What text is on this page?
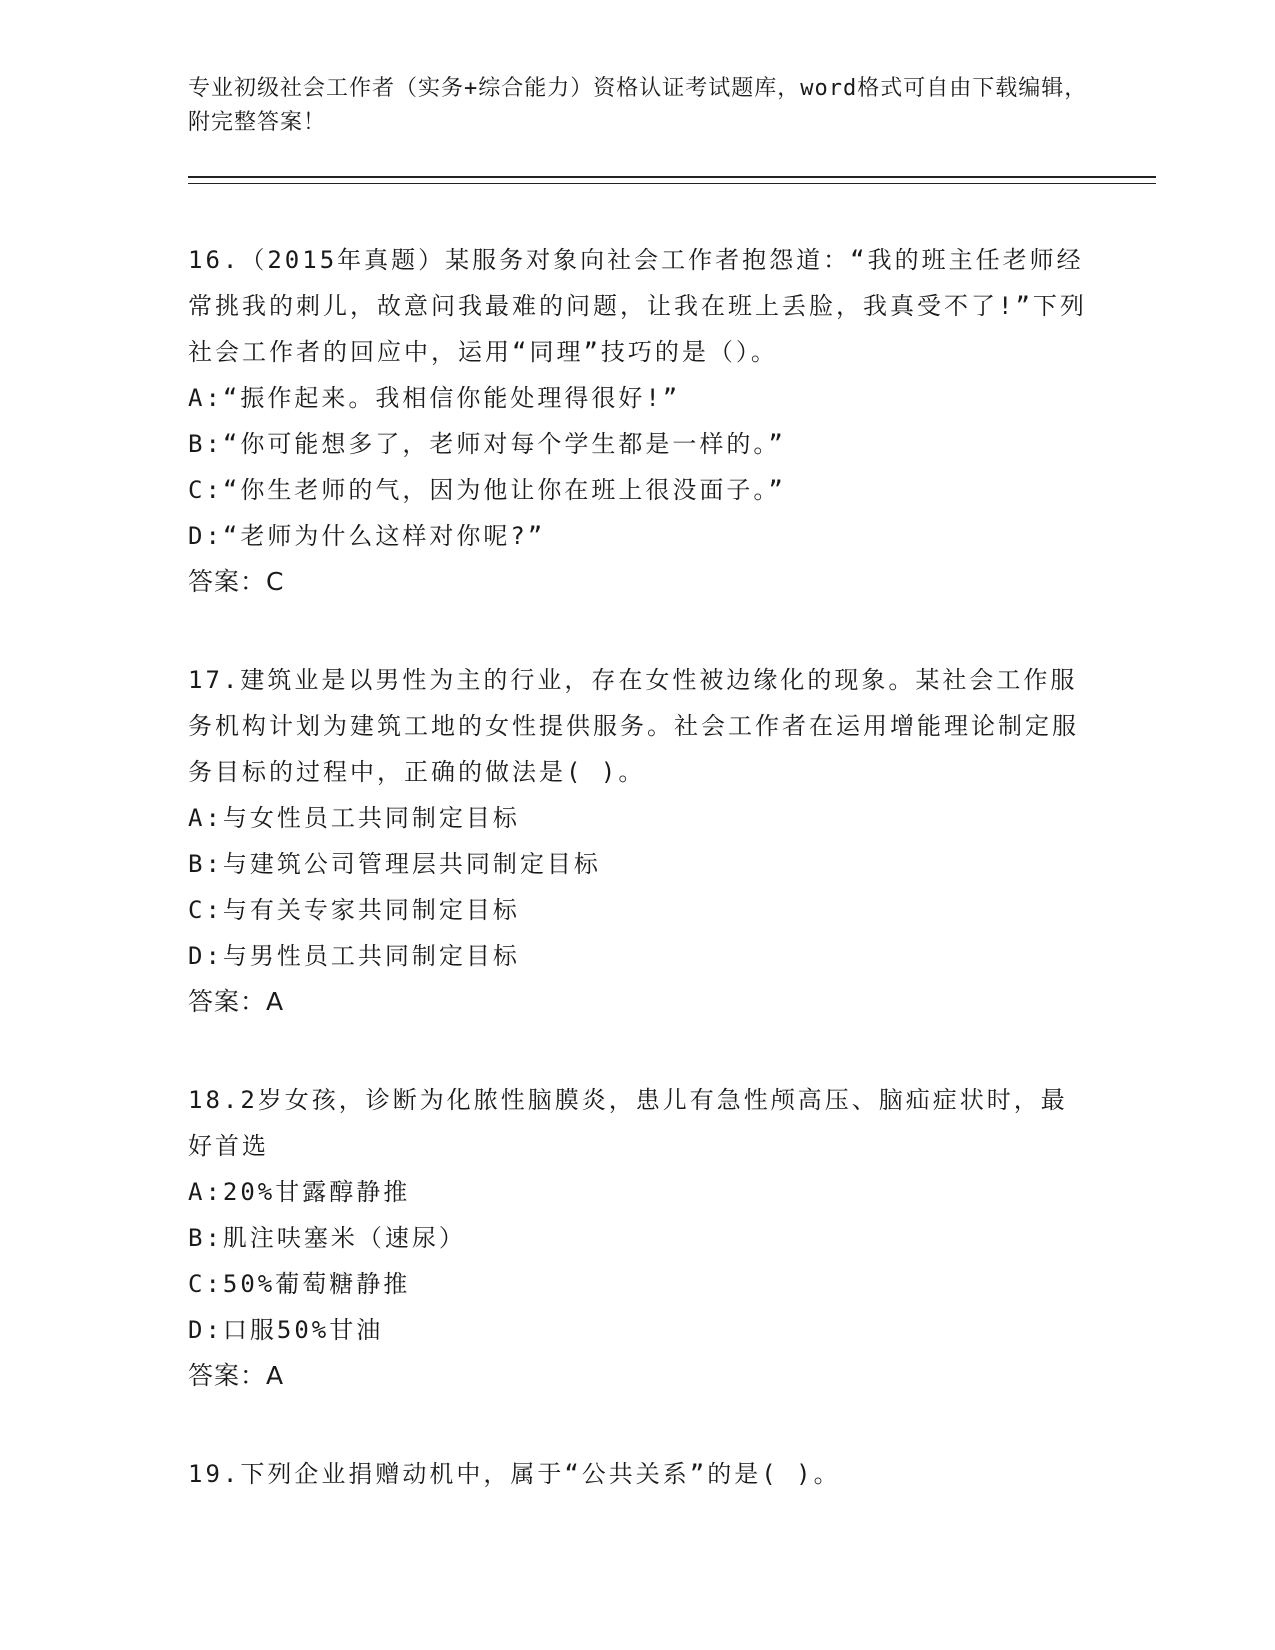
专业初级社会工作者（实务+综合能力）资格认证考试题库，word格式可自由下载编辑，附完整答案！
16.（2015年真题）某服务对象向社会工作者抱怨道：“我的班主任老师经常挑我的刺儿，故意问我最难的问题，让我在班上丢脸，我真受不了!”下列社会工作者的回应中，运用“同理”技巧的是（）。
A:“振作起来。我相信你能处理得很好!”
B:“你可能想多了，老师对每个学生都是一样的。”
C:“你生老师的气，因为他让你在班上很没面子。”
D:“老师为什么这样对你呢?”
答案：C
17.建筑业是以男性为主的行业，存在女性被边缘化的现象。某社会工作服务机构计划为建筑工地的女性提供服务。社会工作者在运用增能理论制定服务目标的过程中，正确的做法是( )。
A:与女性员工共同制定目标
B:与建筑公司管理层共同制定目标
C:与有关专家共同制定目标
D:与男性员工共同制定目标
答案：A
18.2岁女孩，诊断为化脓性脑膜炎，患儿有急性颅高压、脑疝症状时，最好首选
A:20%甘露醇静推
B:肌注呋塞米（速尿）
C:50%葡萄糖静推
D:口服50%甘油
答案：A
19.下列企业捐赠动机中，属于“公共关系”的是( )。
